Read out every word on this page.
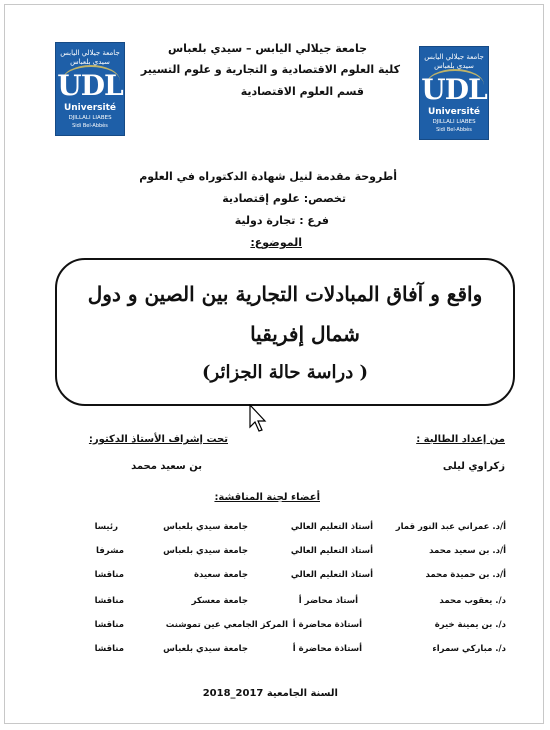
جامعة جيلالي اليابس سيدي بلعباس
UDL
Université
DJILLALI LIABES
Sidi Bel-Abbès
جامعة جيلالي اليابس سيدي بلعباس
UDL
Université
DJILLALI LIABES
Sidi Bel-Abbès
جامعة جيلالي اليابس – سيدي بلعباس
كلية العلوم الاقتصادية و التجارية و علوم التسيير
قسم العلوم الاقتصادية
أطروحة مقدمة لنيل شهادة الدكتوراه في العلوم
تخصص: علوم إقتصادية
فرع : تجارة دولية
الموضوع:
واقع و آفاق المبادلات التجارية بين الصين و دول
شمال إفريقيا
( دراسة حالة الجزائر)
من إعداد الطالبة :
تحت إشراف الأستاذ الدكتور:
زكراوي ليلى
بن سعيد محمد
أعضاء لجنة المناقشة:
أ/د. عمراني عبد النور قمار
أستاذ التعليم العالي
جامعة سيدي بلعباس
رئيسا
أ/د. بن سعيد محمد
أستاذ التعليم العالي
جامعة سيدي بلعباس
مشرفا
أ/د. بن حميدة محمد
أستاذ التعليم العالي
جامعة سعيدة
مناقشا
د/. يعقوب محمد
أستاذ محاضر أ
جامعة معسكر
مناقشا
د/. بن يمينة خيرة
أستاذة محاضرة أ
المركز الجامعي عين تموشنت
مناقشا
د/. مباركي سمراء
أستاذة محاضرة أ
جامعة سيدي بلعباس
مناقشا
السنة الجامعية 2017_2018
